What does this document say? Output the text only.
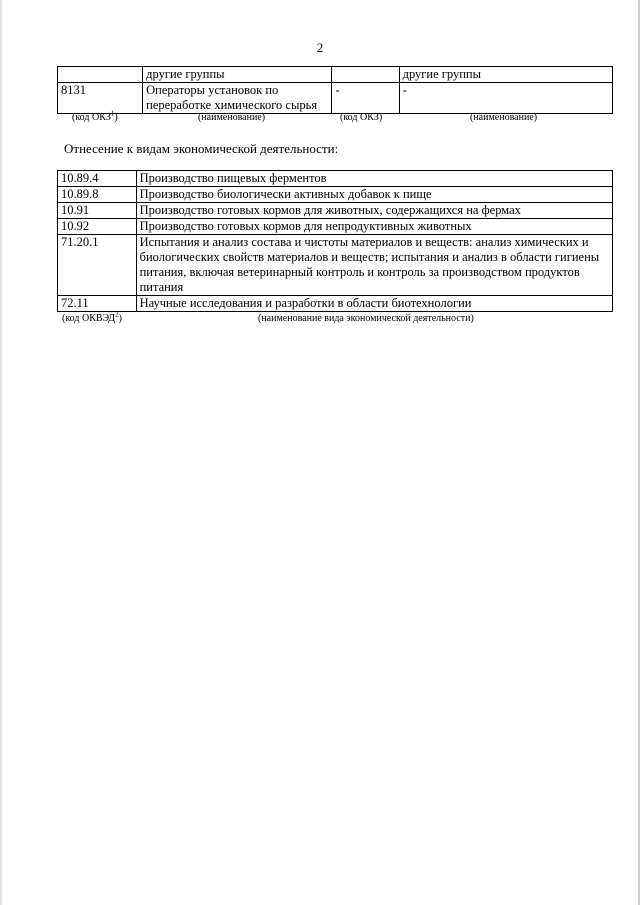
2
	другие группы		другие группы
8131	Операторы установок по переработке химического сырья	-	-
(код ОКЗ$^1$)	(наименование)	(код ОКЗ)	(наименование)
Отнесение к видам экономической деятельности:
10.89.4	Производство пищевых ферментов
10.89.8	Производство биологически активных добавок к пище
10.91	Производство готовых кормов для животных, содержащихся на фермах
10.92	Производство готовых кормов для непродуктивных животных
71.20.1	Испытания и анализ состава и чистоты материалов и веществ: анализ химических и биологических свойств материалов и веществ; испытания и анализ в области гигиены питания, включая ветеринарный контроль и контроль за производством продуктов питания
72.11	Научные исследования и разработки в области биотехнологии
(код ОКВЭД$^2$)	(наименование вида экономической деятельности)
